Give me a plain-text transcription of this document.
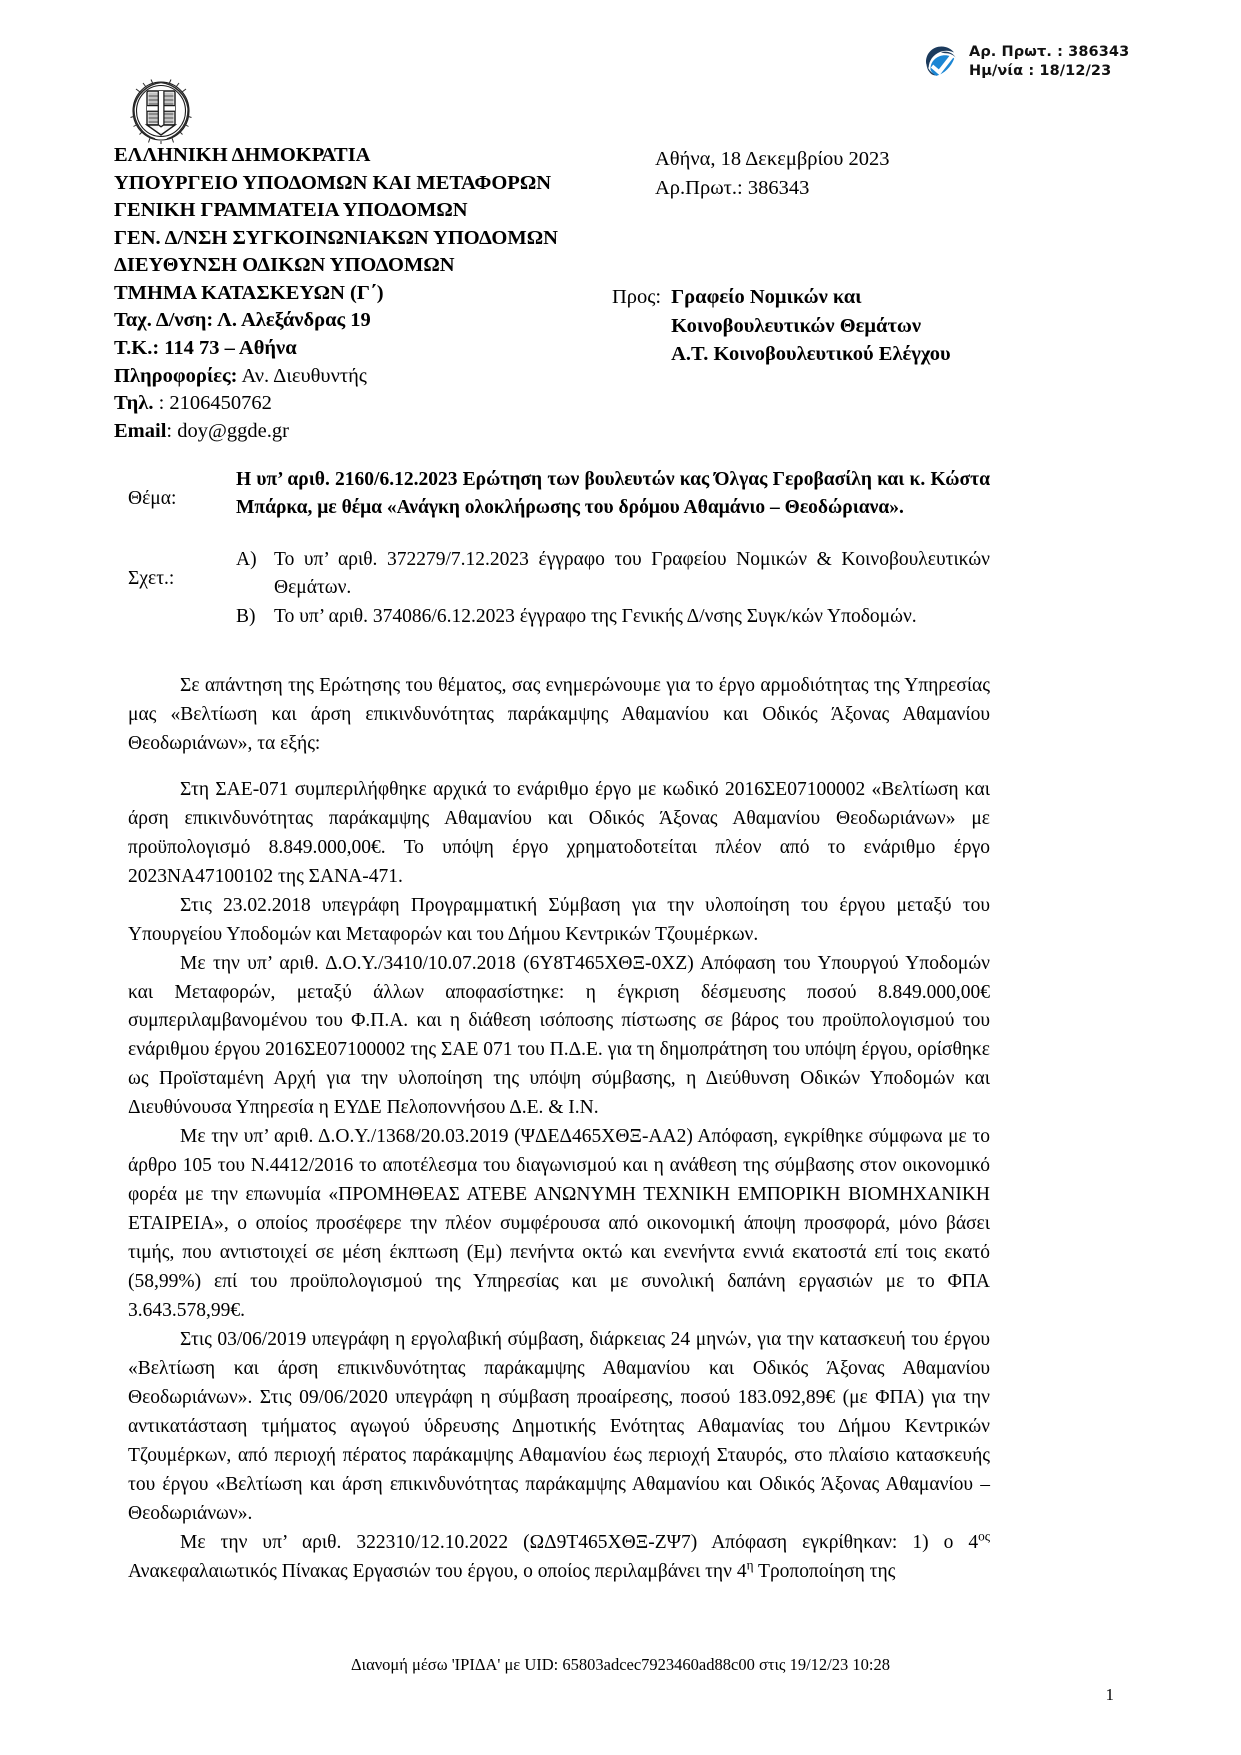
Αρ. Πρωτ. : 386343
Ημ/νία : 18/12/23
ΕΛΛΗΝΙΚΗ ΔΗΜΟΚΡΑΤΙΑ
ΥΠΟΥΡΓΕΙΟ ΥΠΟΔΟΜΩΝ ΚΑΙ ΜΕΤΑΦΟΡΩΝ
ΓΕΝΙΚΗ ΓΡΑΜΜΑΤΕΙΑ ΥΠΟΔΟΜΩΝ
ΓΕΝ. Δ/ΝΣΗ ΣΥΓΚΟΙΝΩΝΙΑΚΩΝ ΥΠΟΔΟΜΩΝ
ΔΙΕΥΘΥΝΣΗ ΟΔΙΚΩΝ ΥΠΟΔΟΜΩΝ
ΤΜΗΜΑ ΚΑΤΑΣΚΕΥΩΝ (Γ΄)
Ταχ. Δ/νση: Λ. Αλεξάνδρας 19
Τ.Κ.: 114 73 – Αθήνα
Πληροφορίες: Αν. Διευθυντής
Τηλ. : 2106450762
Email: doy@ggde.gr
Αθήνα, 18 Δεκεμβρίου 2023
Αρ.Πρωτ.: 386343
Προς: Γραφείο Νομικών και
Κοινοβουλευτικών Θεμάτων
Α.Τ. Κοινοβουλευτικού Ελέγχου
Θέμα:
Η υπ’ αριθ. 2160/6.12.2023 Ερώτηση των βουλευτών κας Όλγας Γεροβασίλη και κ. Κώστα Μπάρκα, με θέμα «Ανάγκη ολοκλήρωσης του δρόμου Αθαμάνιο – Θεοδώριανα».
Σχετ.:
Α) Το υπ’ αριθ. 372279/7.12.2023 έγγραφο του Γραφείου Νομικών & Κοινοβουλευτικών Θεμάτων.
Β) Το υπ’ αριθ. 374086/6.12.2023 έγγραφο της Γενικής Δ/νσης Συγκ/κών Υποδομών.

Σε απάντηση της Ερώτησης του θέματος, σας ενημερώνουμε για το έργο αρμοδιότητας της Υπηρεσίας μας «Βελτίωση και άρση επικινδυνότητας παράκαμψης Αθαμανίου και Οδικός Άξονας Αθαμανίου Θεοδωριάνων», τα εξής:

Στη ΣΑΕ-071 συμπεριλήφθηκε αρχικά το ενάριθμο έργο με κωδικό 2016ΣΕ07100002 «Βελτίωση και άρση επικινδυνότητας παράκαμψης Αθαμανίου και Οδικός Άξονας Αθαμανίου Θεοδωριάνων» με προϋπολογισμό 8.849.000,00€. Το υπόψη έργο χρηματοδοτείται πλέον από το ενάριθμο έργο 2023ΝΑ47100102 της ΣΑΝΑ-471.

Στις 23.02.2018 υπεγράφη Προγραμματική Σύμβαση για την υλοποίηση του έργου μεταξύ του Υπουργείου Υποδομών και Μεταφορών και του Δήμου Κεντρικών Τζουμέρκων.

Με την υπ’ αριθ. Δ.Ο.Υ./3410/10.07.2018 (6Υ8Τ465ΧΘΞ-0ΧΖ) Απόφαση του Υπουργού Υποδομών και Μεταφορών, μεταξύ άλλων αποφασίστηκε: η έγκριση δέσμευσης ποσού 8.849.000,00€ συμπεριλαμβανομένου του Φ.Π.Α. και η διάθεση ισόποσης πίστωσης σε βάρος του προϋπολογισμού του ενάριθμου έργου 2016ΣΕ07100002 της ΣΑΕ 071 του Π.Δ.Ε. για τη δημοπράτηση του υπόψη έργου, ορίσθηκε ως Προϊσταμένη Αρχή για την υλοποίηση της υπόψη σύμβασης, η Διεύθυνση Οδικών Υποδομών και Διευθύνουσα Υπηρεσία η ΕΥΔΕ Πελοποννήσου Δ.Ε. & Ι.Ν.

Με την υπ’ αριθ. Δ.Ο.Υ./1368/20.03.2019 (ΨΔΕΔ465ΧΘΞ-ΑΑ2) Απόφαση, εγκρίθηκε σύμφωνα με το άρθρο 105 του Ν.4412/2016 το αποτέλεσμα του διαγωνισμού και η ανάθεση της σύμβασης στον οικονομικό φορέα με την επωνυμία «ΠΡΟΜΗΘΕΑΣ ΑΤΕΒΕ ΑΝΩΝΥΜΗ ΤΕΧΝΙΚΗ ΕΜΠΟΡΙΚΗ ΒΙΟΜΗΧΑΝΙΚΗ ΕΤΑΙΡΕΙΑ», ο οποίος προσέφερε την πλέον συμφέρουσα από οικονομική άποψη προσφορά, μόνο βάσει τιμής, που αντιστοιχεί σε μέση έκπτωση (Εμ) πενήντα οκτώ και ενενήντα εννιά εκατοστά επί τοις εκατό (58,99%) επί του προϋπολογισμού της Υπηρεσίας και με συνολική δαπάνη εργασιών με το ΦΠΑ 3.643.578,99€.

Στις 03/06/2019 υπεγράφη η εργολαβική σύμβαση, διάρκειας 24 μηνών, για την κατασκευή του έργου «Βελτίωση και άρση επικινδυνότητας παράκαμψης Αθαμανίου και Οδικός Άξονας Αθαμανίου Θεοδωριάνων». Στις 09/06/2020 υπεγράφη η σύμβαση προαίρεσης, ποσού 183.092,89€ (με ΦΠΑ) για την αντικατάσταση τμήματος αγωγού ύδρευσης Δημοτικής Ενότητας Αθαμανίας του Δήμου Κεντρικών Τζουμέρκων, από περιοχή πέρατος παράκαμψης Αθαμανίου έως περιοχή Σταυρός, στο πλαίσιο κατασκευής του έργου «Βελτίωση και άρση επικινδυνότητας παράκαμψης Αθαμανίου και Οδικός Άξονας Αθαμανίου – Θεοδωριάνων».

Με την υπ’ αριθ. 322310/12.10.2022 (ΩΔ9Τ465ΧΘΞ-ΖΨ7) Απόφαση εγκρίθηκαν: 1) ο $4^{o\varsigma}$ Ανακεφαλαιωτικός Πίνακας Εργασιών του έργου, ο οποίος περιλαμβάνει την $4^\eta$ Τροποποίηση της

Διανομή μέσω 'ΙΡΙΔΑ' με UID: 65803adcec7923460ad88c00 στις 19/12/23 10:28
1
